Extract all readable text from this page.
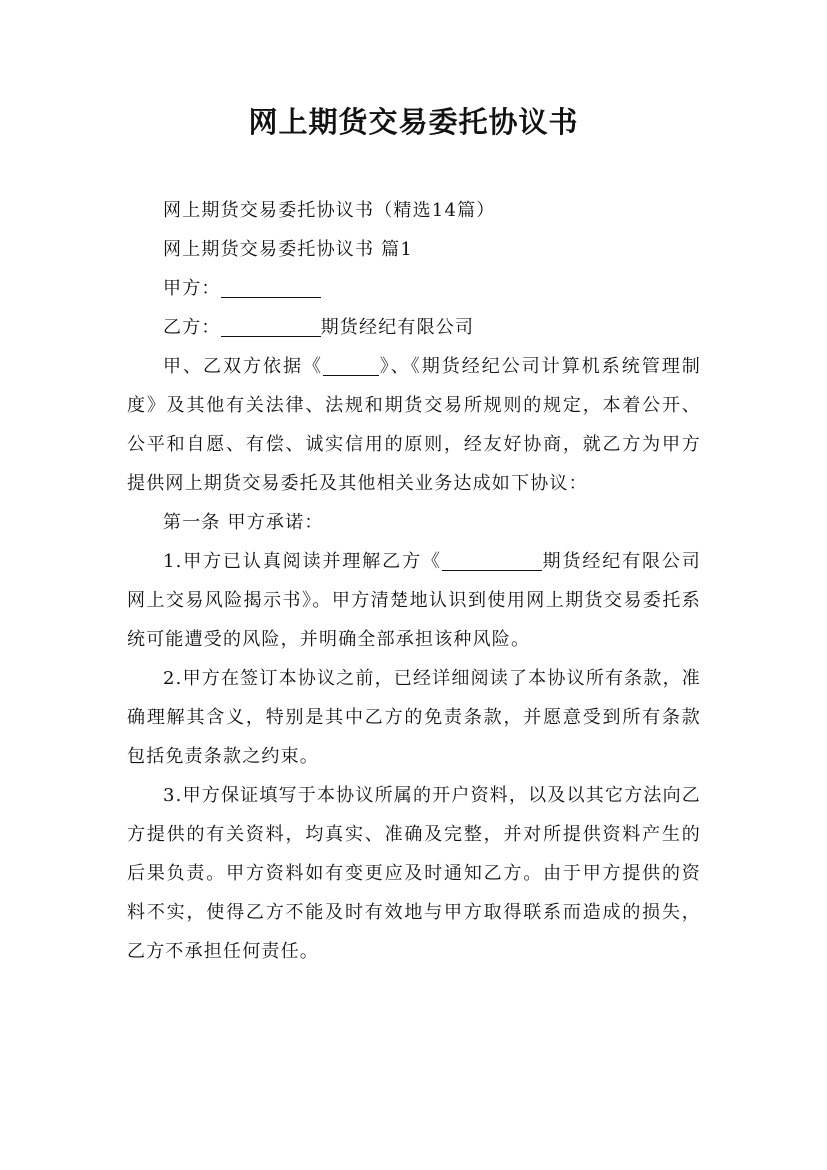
网上期货交易委托协议书

网上期货交易委托协议书（精选14篇）

网上期货交易委托协议书 篇1

甲方：

乙方：	期货经纪有限公司

甲、乙双方依据《	》、《期货经纪公司计算机系统管理制度》及其他有关法律、法规和期货交易所规则的规定，本着公开、公平和自愿、有偿、诚实信用的原则，经友好协商，就乙方为甲方提供网上期货交易委托及其他相关业务达成如下协议：

第一条 甲方承诺：

1.甲方已认真阅读并理解乙方《	期货经纪有限公司网上交易风险揭示书》。甲方清楚地认识到使用网上期货交易委托系统可能遭受的风险，并明确全部承担该种风险。

2.甲方在签订本协议之前，已经详细阅读了本协议所有条款，准确理解其含义，特别是其中乙方的免责条款，并愿意受到所有条款包括免责条款之约束。

3.甲方保证填写于本协议所属的开户资料，以及以其它方法向乙方提供的有关资料，均真实、准确及完整，并对所提供资料产生的后果负责。甲方资料如有变更应及时通知乙方。由于甲方提供的资料不实，使得乙方不能及时有效地与甲方取得联系而造成的损失，乙方不承担任何责任。
